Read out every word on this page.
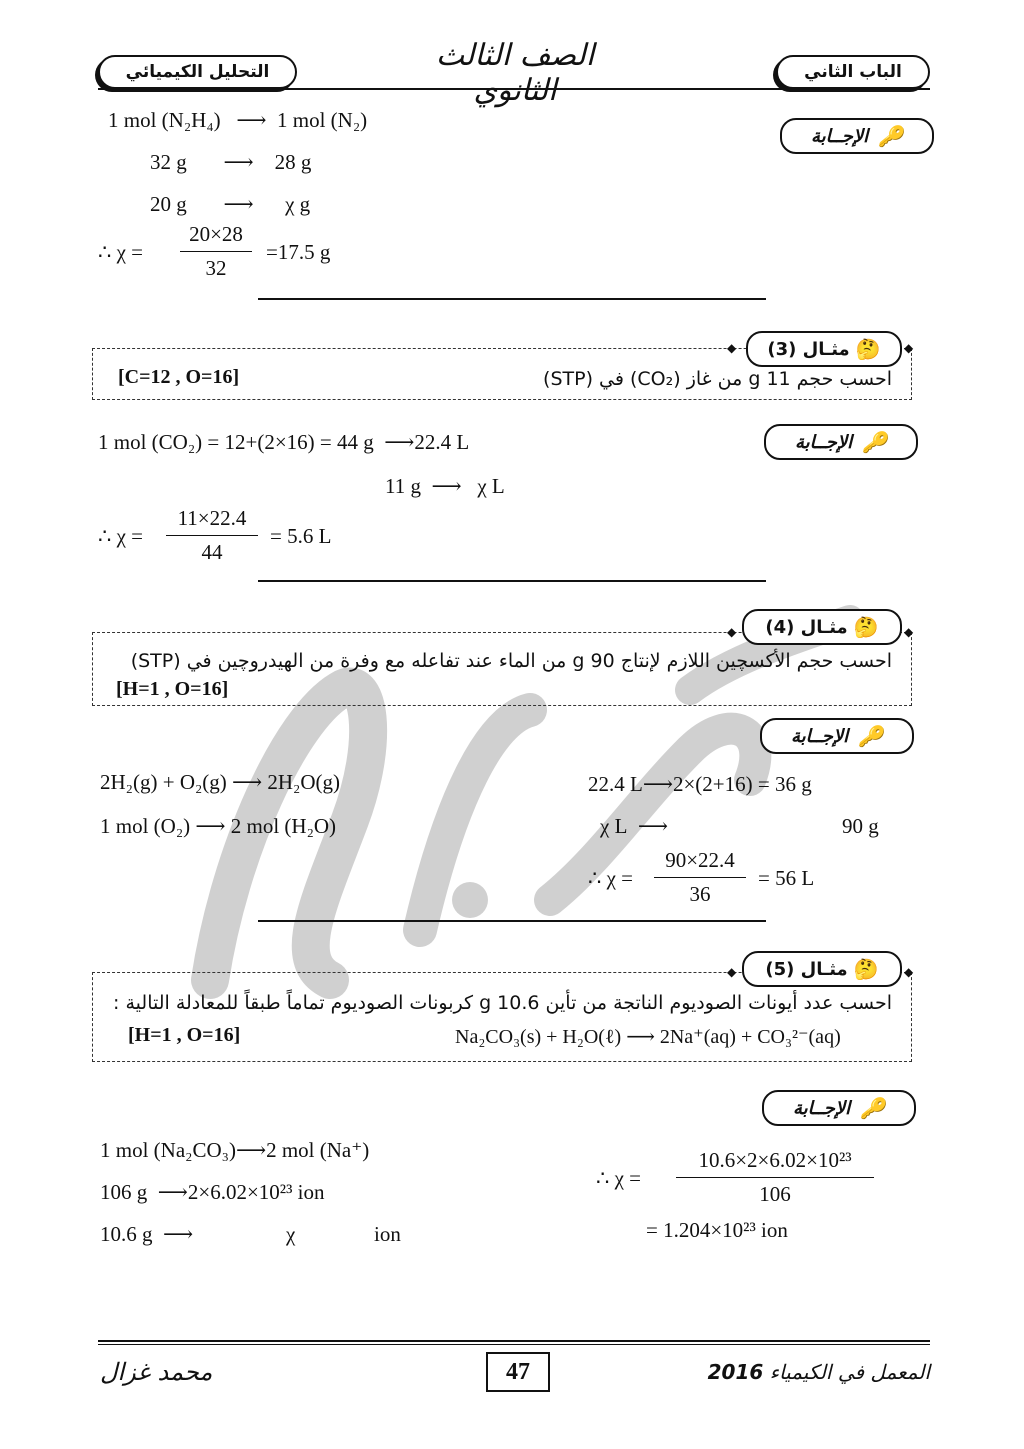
الباب الثاني
التحليل الكيميائي	الصف الثالث الثانوي
الإجــابة 🔑
1 mol (N₂H₄)   ⟶  1 mol (N₂)
32 g       ⟶    28 g
20 g       ⟶      χ g
∴ χ =
20×28
32
=17.5 g
◆	◆
مثـال (3) 🤔
احسب حجم 11 g من غاز (CO₂) في (STP)
[C=12 , O=16]
الإجــابة 🔑
1 mol (CO₂) = 12+(2×16) = 44 g  ⟶22.4 L
11 g  ⟶   χ L
∴ χ =
11×22.4
44
= 5.6 L
◆	◆
مثـال (4) 🤔
احسب حجم الأكسچين اللازم لإنتاج 90 g من الماء عند تفاعله مع وفرة من الهيدروچين في (STP)
[H=1 , O=16]
الإجــابة 🔑
2H₂(g) + O₂(g) ⟶ 2H₂O(g)
1 mol (O₂) ⟶ 2 mol (H₂O)
22.4 L⟶2×(2+16) = 36 g
χ L  ⟶	90 g
∴ χ =
90×22.4
36
= 56 L
◆	◆
مثـال (5) 🤔
احسب عدد أيونات الصوديوم الناتجة من تأين 10.6 g كربونات الصوديوم تماماً طبقاً للمعادلة التالية :
[H=1 , O=16]	Na₂CO₃(s) + H₂O(ℓ) ⟶ 2Na⁺(aq) + CO₃²⁻(aq)
الإجــابة 🔑
1 mol (Na₂CO₃)⟶2 mol (Na⁺)
106 g  ⟶2×6.02×10²³ ion
10.6 g  ⟶	χ	ion
∴ χ =
10.6×2×6.02×10²³
106
= 1.204×10²³ ion
47
محمد غزال	المعمل في الكيمياء 2016
